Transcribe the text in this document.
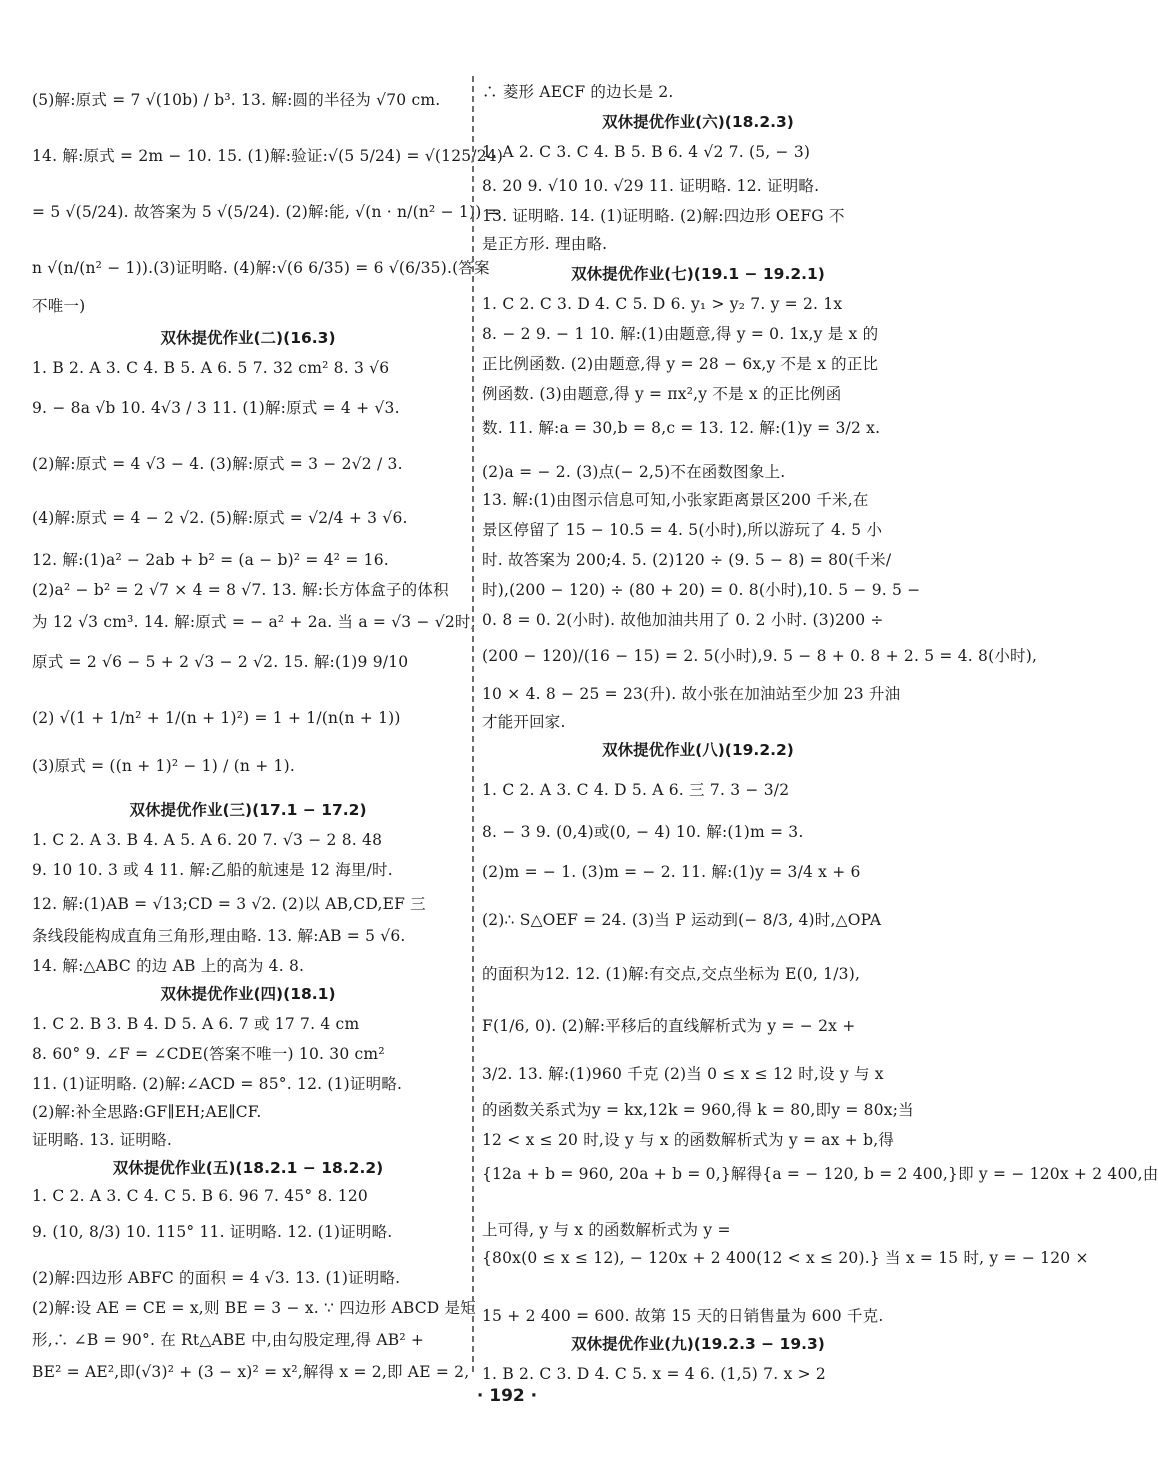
(5)解:原式 = 7 √(10b) / b³. 13. 解:圆的半径为 √70 cm.
14. 解:原式 = 2m − 10. 15. (1)解:验证:√(5 5/24) = √(125/24)
= 5 √(5/24). 故答案为 5 √(5/24). (2)解:能, √(n · n/(n² − 1)) =
n √(n/(n² − 1)).(3)证明略. (4)解:√(6 6/35) = 6 √(6/35).(答案
不唯一)
双休提优作业(二)(16.3)
1. B 2. A 3. C 4. B 5. A 6. 5 7. 32 cm² 8. 3 √6
9. − 8a √b 10. 4√3 / 3 11. (1)解:原式 = 4 + √3.
(2)解:原式 = 4 √3 − 4. (3)解:原式 = 3 − 2√2 / 3.
(4)解:原式 = 4 − 2 √2. (5)解:原式 = √2/4 + 3 √6.
12. 解:(1)a² − 2ab + b² = (a − b)² = 4² = 16.
(2)a² − b² = 2 √7 × 4 = 8 √7. 13. 解:长方体盒子的体积
为 12 √3 cm³. 14. 解:原式 = − a² + 2a. 当 a = √3 − √2时,
原式 = 2 √6 − 5 + 2 √3 − 2 √2. 15. 解:(1)9 9/10
(2) √(1 + 1/n² + 1/(n + 1)²) = 1 + 1/(n(n + 1))
(3)原式 = ((n + 1)² − 1) / (n + 1).
双休提优作业(三)(17.1 − 17.2)
1. C 2. A 3. B 4. A 5. A 6. 20 7. √3 − 2 8. 48
9. 10 10. 3 或 4 11. 解:乙船的航速是 12 海里/时.
12. 解:(1)AB = √13;CD = 3 √2. (2)以 AB,CD,EF 三
条线段能构成直角三角形,理由略. 13. 解:AB = 5 √6.
14. 解:△ABC 的边 AB 上的高为 4. 8.
双休提优作业(四)(18.1)
1. C 2. B 3. B 4. D 5. A 6. 7 或 17 7. 4 cm
8. 60° 9. ∠F = ∠CDE(答案不唯一) 10. 30 cm²
11. (1)证明略. (2)解:∠ACD = 85°. 12. (1)证明略.
(2)解:补全思路:GF∥EH;AE∥CF.
证明略. 13. 证明略.
双休提优作业(五)(18.2.1 − 18.2.2)
1. C 2. A 3. C 4. C 5. B 6. 96 7. 45° 8. 120
9. (10, 8/3) 10. 115° 11. 证明略. 12. (1)证明略.
(2)解:四边形 ABFC 的面积 = 4 √3. 13. (1)证明略.
(2)解:设 AE = CE = x,则 BE = 3 − x. ∵ 四边形 ABCD 是矩
形,∴ ∠B = 90°. 在 Rt△ABE 中,由勾股定理,得 AB² +
BE² = AE²,即(√3)² + (3 − x)² = x²,解得 x = 2,即 AE = 2,
∴ 菱形 AECF 的边长是 2.
双休提优作业(六)(18.2.3)
1. A 2. C 3. C 4. B 5. B 6. 4 √2 7. (5, − 3)
8. 20 9. √10 10. √29 11. 证明略. 12. 证明略.
13. 证明略. 14. (1)证明略. (2)解:四边形 OEFG 不
是正方形. 理由略.
双休提优作业(七)(19.1 − 19.2.1)
1. C 2. C 3. D 4. C 5. D 6. y₁ > y₂ 7. y = 2. 1x
8. − 2 9. − 1 10. 解:(1)由题意,得 y = 0. 1x,y 是 x 的
正比例函数. (2)由题意,得 y = 28 − 6x,y 不是 x 的正比
例函数. (3)由题意,得 y = πx²,y 不是 x 的正比例函
数. 11. 解:a = 30,b = 8,c = 13. 12. 解:(1)y = 3/2 x.
(2)a = − 2. (3)点(− 2,5)不在函数图象上.
13. 解:(1)由图示信息可知,小张家距离景区200 千米,在
景区停留了 15 − 10.5 = 4. 5(小时),所以游玩了 4. 5 小
时. 故答案为 200;4. 5. (2)120 ÷ (9. 5 − 8) = 80(千米/
时),(200 − 120) ÷ (80 + 20) = 0. 8(小时),10. 5 − 9. 5 −
0. 8 = 0. 2(小时). 故他加油共用了 0. 2 小时. (3)200 ÷
(200 − 120)/(16 − 15) = 2. 5(小时),9. 5 − 8 + 0. 8 + 2. 5 = 4. 8(小时),
10 × 4. 8 − 25 = 23(升). 故小张在加油站至少加 23 升油
才能开回家.
双休提优作业(八)(19.2.2)
1. C 2. A 3. C 4. D 5. A 6. 三 7. 3 − 3/2
8. − 3 9. (0,4)或(0, − 4) 10. 解:(1)m = 3.
(2)m = − 1. (3)m = − 2. 11. 解:(1)y = 3/4 x + 6
(2)∴ S△OEF = 24. (3)当 P 运动到(− 8/3, 4)时,△OPA
的面积为12. 12. (1)解:有交点,交点坐标为 E(0, 1/3),
F(1/6, 0). (2)解:平移后的直线解析式为 y = − 2x +
3/2. 13. 解:(1)960 千克 (2)当 0 ≤ x ≤ 12 时,设 y 与 x
的函数关系式为y = kx,12k = 960,得 k = 80,即y = 80x;当
12 < x ≤ 20 时,设 y 与 x 的函数解析式为 y = ax + b,得
{12a + b = 960, 20a + b = 0,}解得{a = − 120, b = 2 400,}即 y = − 120x + 2 400,由
上可得, y 与 x 的函数解析式为 y =
{80x(0 ≤ x ≤ 12), − 120x + 2 400(12 < x ≤ 20).} 当 x = 15 时, y = − 120 ×
15 + 2 400 = 600. 故第 15 天的日销售量为 600 千克.
双休提优作业(九)(19.2.3 − 19.3)
1. B 2. C 3. D 4. C 5. x = 4 6. (1,5) 7. x > 2
· 192 ·
